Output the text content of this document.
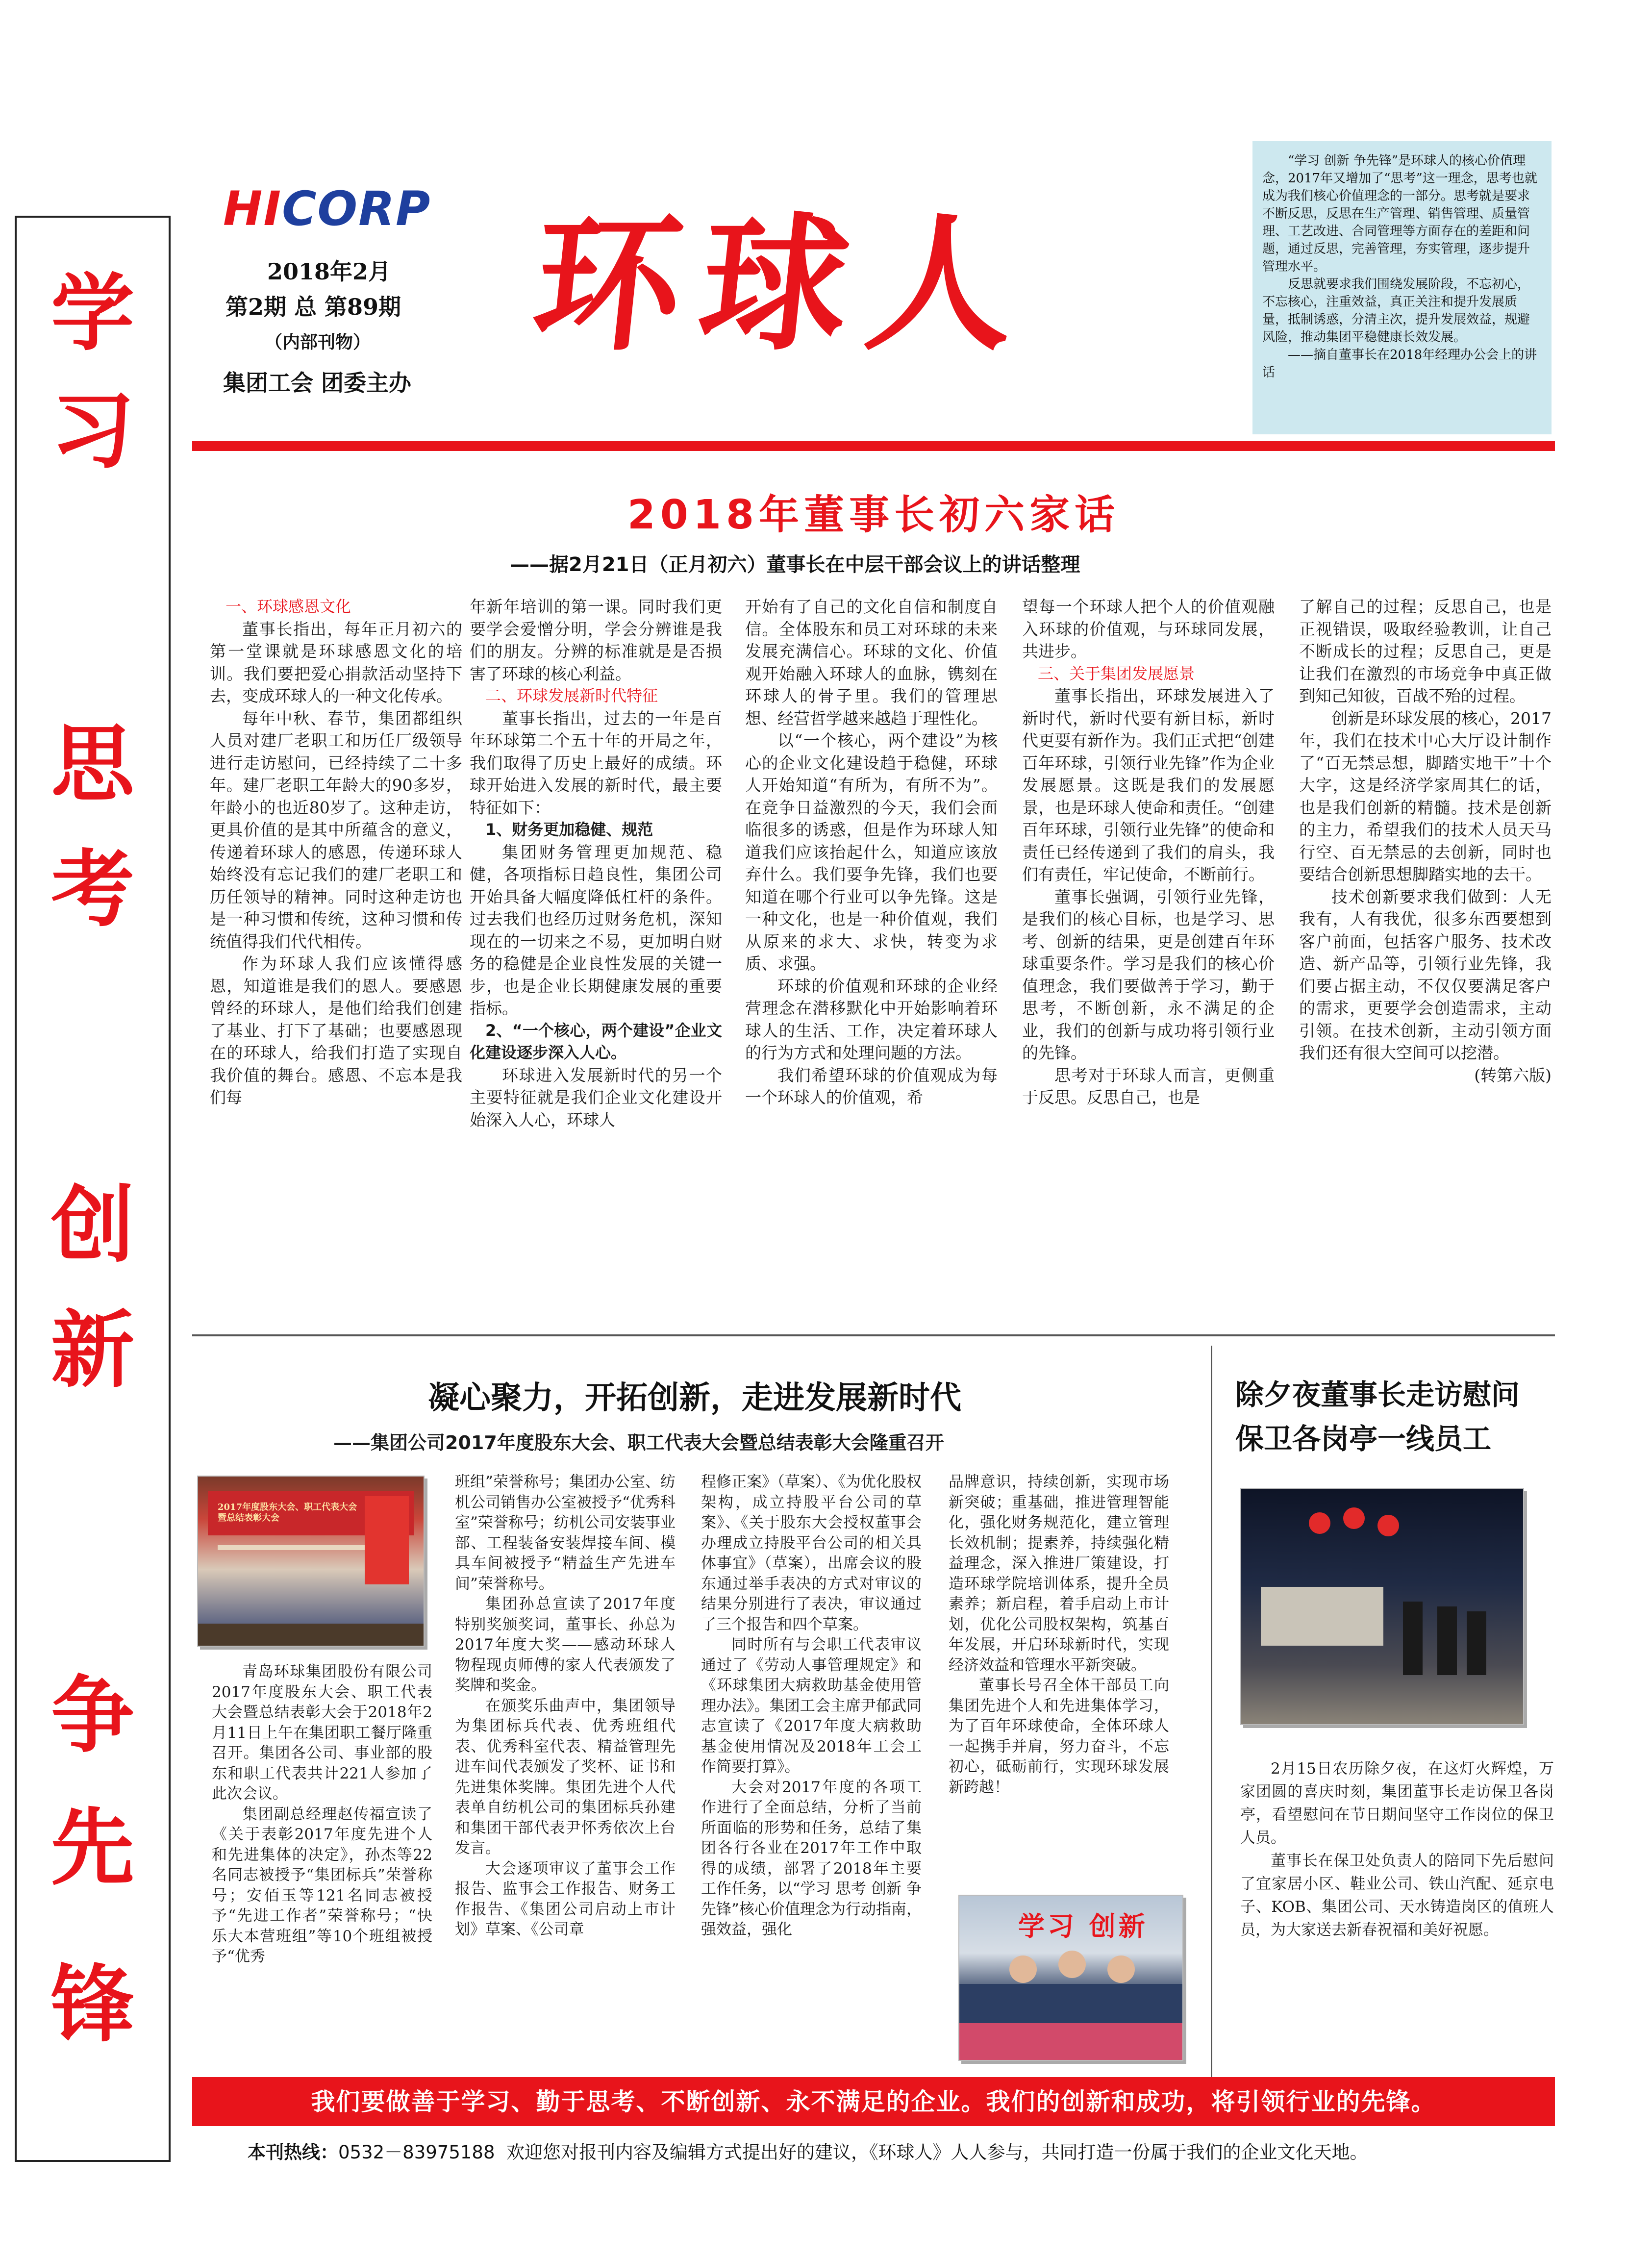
学
习
思
考
创
新
争
先
锋
HICORP
2018年2月
第2期 总 第89期
（内部刊物）
集团工会 团委主办
环球人

“学习 创新 争先锋”是环球人的核心价值理念，2017年又增加了“思考”这一理念，思考也就成为我们核心价值理念的一部分。思考就是要求不断反思，反思在生产管理、销售管理、质量管理、工艺改进、合同管理等方面存在的差距和问题，通过反思，完善管理，夯实管理，逐步提升管理水平。

反思就要求我们围绕发展阶段，不忘初心，不忘核心，注重效益，真正关注和提升发展质量，抵制诱惑，分清主次，提升发展效益，规避风险，推动集团平稳健康长效发展。

——摘自董事长在2018年经理办公会上的讲话

2018年董事长初六家话
——据2月21日（正月初六）董事长在中层干部会议上的讲话整理

一、环球感恩文化

董事长指出，每年正月初六的第一堂课就是环球感恩文化的培训。我们要把爱心捐款活动坚持下去，变成环球人的一种文化传承。

每年中秋、春节，集团都组织人员对建厂老职工和历任厂级领导进行走访慰问，已经持续了二十多年。建厂老职工年龄大的90多岁，年龄小的也近80岁了。这种走访，更具价值的是其中所蕴含的意义，传递着环球人的感恩，传递环球人始终没有忘记我们的建厂老职工和历任领导的精神。同时这种走访也是一种习惯和传统，这种习惯和传统值得我们代代相传。

作为环球人我们应该懂得感恩，知道谁是我们的恩人。要感恩曾经的环球人，是他们给我们创建了基业、打下了基础；也要感恩现在的环球人，给我们打造了实现自我价值的舞台。感恩、不忘本是我们每

年新年培训的第一课。同时我们更要学会爱憎分明，学会分辨谁是我们的朋友。分辨的标准就是是否损害了环球的核心利益。

二、环球发展新时代特征

董事长指出，过去的一年是百年环球第二个五十年的开局之年，我们取得了历史上最好的成绩。环球开始进入发展的新时代，最主要特征如下：

1、财务更加稳健、规范

集团财务管理更加规范、稳健，各项指标日趋良性，集团公司开始具备大幅度降低杠杆的条件。过去我们也经历过财务危机，深知现在的一切来之不易，更加明白财务的稳健是企业良性发展的关键一步，也是企业长期健康发展的重要指标。

2、“一个核心，两个建设”企业文化建设逐步深入人心。

环球进入发展新时代的另一个主要特征就是我们企业文化建设开始深入人心，环球人

开始有了自己的文化自信和制度自信。全体股东和员工对环球的未来发展充满信心。环球的文化、价值观开始融入环球人的血脉，镌刻在环球人的骨子里。我们的管理思想、经营哲学越来越趋于理性化。

以“一个核心，两个建设”为核心的企业文化建设趋于稳健，环球人开始知道“有所为，有所不为”。在竞争日益激烈的今天，我们会面临很多的诱惑，但是作为环球人知道我们应该抬起什么，知道应该放弃什么。我们要争先锋，我们也要知道在哪个行业可以争先锋。这是一种文化，也是一种价值观，我们从原来的求大、求快，转变为求质、求强。

环球的价值观和环球的企业经营理念在潜移默化中开始影响着环球人的生活、工作，决定着环球人的行为方式和处理问题的方法。

我们希望环球的价值观成为每一个环球人的价值观，希

望每一个环球人把个人的价值观融入环球的价值观，与环球同发展，共进步。

三、关于集团发展愿景

董事长指出，环球发展进入了新时代，新时代要有新目标，新时代更要有新作为。我们正式把“创建百年环球，引领行业先锋”作为企业发展愿景。这既是我们的发展愿景，也是环球人使命和责任。“创建百年环球，引领行业先锋”的使命和责任已经传递到了我们的肩头，我们有责任，牢记使命，不断前行。

董事长强调，引领行业先锋，是我们的核心目标，也是学习、思考、创新的结果，更是创建百年环球重要条件。学习是我们的核心价值理念，我们要做善于学习，勤于思考，不断创新，永不满足的企业，我们的创新与成功将引领行业的先锋。

思考对于环球人而言，更侧重于反思。反思自己，也是

了解自己的过程；反思自己，也是正视错误，吸取经验教训，让自己不断成长的过程；反思自己，更是让我们在激烈的市场竞争中真正做到知己知彼，百战不殆的过程。

创新是环球发展的核心，2017年，我们在技术中心大厅设计制作了“百无禁忌想，脚踏实地干”十个大字，这是经济学家周其仁的话，也是我们创新的精髓。技术是创新的主力，希望我们的技术人员天马行空、百无禁忌的去创新，同时也要结合创新思想脚踏实地的去干。

技术创新要求我们做到：人无我有，人有我优，很多东西要想到客户前面，包括客户服务、技术改造、新产品等，引领行业先锋，我们要占据主动，不仅仅要满足客户的需求，更要学会创造需求，主动引领。在技术创新，主动引领方面我们还有很大空间可以挖潜。

(转第六版)

凝心聚力，开拓创新，走进发展新时代
——集团公司2017年度股东大会、职工代表大会暨总结表彰大会隆重召开
2017年度股东大会、职工代表大会暨总结表彰大会

青岛环球集团股份有限公司2017年度股东大会、职工代表大会暨总结表彰大会于2018年2月11日上午在集团职工餐厅隆重召开。集团各公司、事业部的股东和职工代表共计221人参加了此次会议。

集团副总经理赵传福宣读了《关于表彰2017年度先进个人和先进集体的决定》，孙杰等22名同志被授予“集团标兵”荣誉称号；安佰玉等121名同志被授予“先进工作者”荣誉称号；“快乐大本营班组”等10个班组被授予“优秀

班组”荣誉称号；集团办公室、纺机公司销售办公室被授予“优秀科室”荣誉称号；纺机公司安装事业部、工程装备安装焊接车间、模具车间被授予“精益生产先进车间”荣誉称号。

集团孙总宣读了2017年度特别奖颁奖词，董事长、孙总为2017年度大奖——感动环球人物程现贞师傅的家人代表颁发了奖牌和奖金。

在颁奖乐曲声中，集团领导为集团标兵代表、优秀班组代表、优秀科室代表、精益管理先进车间代表颁发了奖杯、证书和先进集体奖牌。集团先进个人代表单自纺机公司的集团标兵孙建和集团干部代表尹怀秀依次上台发言。

大会逐项审议了董事会工作报告、监事会工作报告、财务工作报告、《集团公司启动上市计划》草案、《公司章

程修正案》（草案）、《为优化股权架构，成立持股平台公司的草案》、《关于股东大会授权董事会办理成立持股平台公司的相关具体事宜》（草案），出席会议的股东通过举手表决的方式对审议的结果分别进行了表决，审议通过了三个报告和四个草案。

同时所有与会职工代表审议通过了《劳动人事管理规定》和《环球集团大病救助基金使用管理办法》。集团工会主席尹郁武同志宣读了《2017年度大病救助基金使用情况及2018年工会工作简要打算》。

大会对2017年度的各项工作进行了全面总结，分析了当前所面临的形势和任务，总结了集团各行各业在2017年工作中取得的成绩，部署了2018年主要工作任务，以“学习 思考 创新 争先锋”核心价值理念为行动指南，强效益，强化

品牌意识，持续创新，实现市场新突破；重基础，推进管理智能化，强化财务规范化，建立管理长效机制；提素养，持续强化精益理念，深入推进厂策建设，打造环球学院培训体系，提升全员素养；新启程，着手启动上市计划，优化公司股权架构，筑基百年发展，开启环球新时代，实现经济效益和管理水平新突破。

董事长号召全体干部员工向集团先进个人和先进集体学习，为了百年环球使命，全体环球人一起携手并肩，努力奋斗，不忘初心，砥砺前行，实现环球发展新跨越！

学习 创新
除夕夜董事长走访慰问
保卫各岗亭一线员工

2月15日农历除夕夜，在这灯火辉煌，万家团圆的喜庆时刻，集团董事长走访保卫各岗亭，看望慰问在节日期间坚守工作岗位的保卫人员。

董事长在保卫处负责人的陪同下先后慰问了宜家居小区、鞋业公司、铁山汽配、延京电子、KOB、集团公司、天水铸造岗区的值班人员，为大家送去新春祝福和美好祝愿。

我们要做善于学习、勤于思考、不断创新、永不满足的企业。我们的创新和成功，将引领行业的先锋。
本刊热线：0532－83975188 欢迎您对报刊内容及编辑方式提出好的建议，《环球人》人人参与，共同打造一份属于我们的企业文化天地。
